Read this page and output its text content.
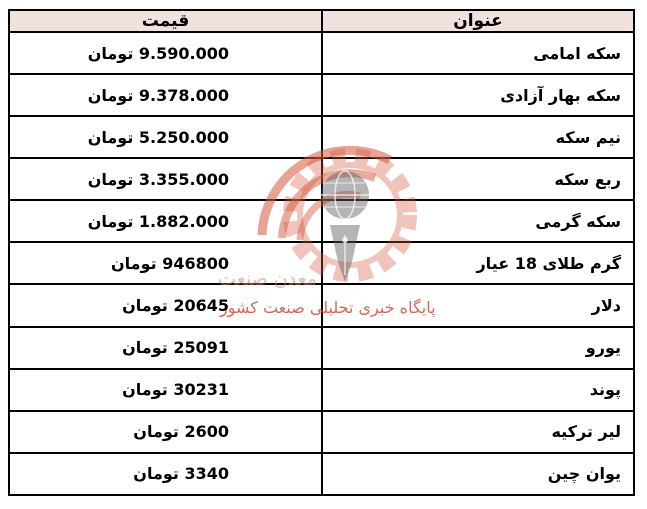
معدن صنعت
پایگاه خبری تحلیلی صنعت کشور
عنوان	قیمت
سکه امامی	9.590.000 تومان
سکه بهار آزادی	9.378.000 تومان
نیم سکه	5.250.000 تومان
ربع سکه	3.355.000 تومان
سکه گرمی	1.882.000 تومان
گرم طلای 18 عیار	946800 تومان
دلار	20645 تومان
یورو	25091 تومان
پوند	30231 تومان
لیر ترکیه	2600 تومان
یوان چین	3340 تومان
